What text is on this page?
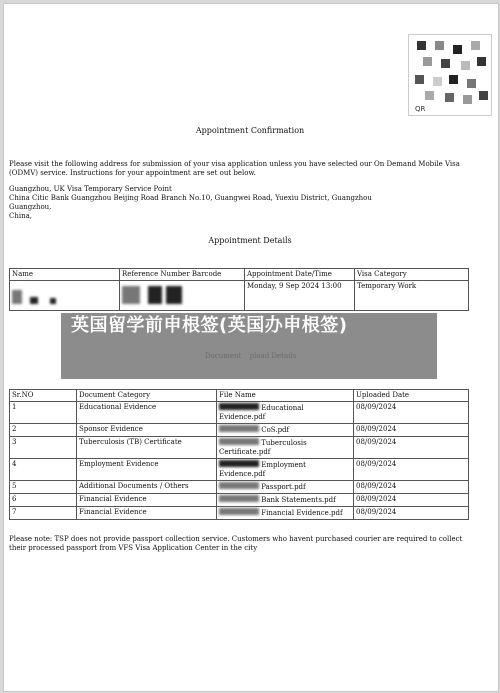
QR
Appointment Confirmation
Please visit the following address for submission of your visa application unless you have selected our On Demand Mobile Visa (ODMV) service. Instructions for your appointment are set out below.
Guangzhou, UK Visa Temporary Service Point
China Citic Bank Guangzhou Beijing Road Branch No.10, Guangwei Road, Yuexiu District, Guangzhou
Guangzhou,
China,
Appointment Details
Name	Reference Number Barcode	Appointment Date/Time	Visa Category
		Monday, 9 Sep 2024 13:00	Temporary Work
Sr.NO	Document Category	File Name	Uploaded Date
1	Educational Evidence	Educational
Evidence.pdf	08/09/2024
2	Sponsor Evidence	CoS.pdf	08/09/2024
3	Tuberculosis (TB) Certificate	Tuberculosis
Certificate.pdf	08/09/2024
4	Employment Evidence	Employment
Evidence.pdf	08/09/2024
5	Additional Documents / Others	Passport.pdf	08/09/2024
6	Financial Evidence	Bank Statements.pdf	08/09/2024
7	Financial Evidence	Financial Evidence.pdf	08/09/2024
Please note: TSP does not provide passport collection service. Customers who havent purchased courier are required to collect their processed passport from VFS Visa Application Center in the city
英国留学前申根签(英国办申根签)
